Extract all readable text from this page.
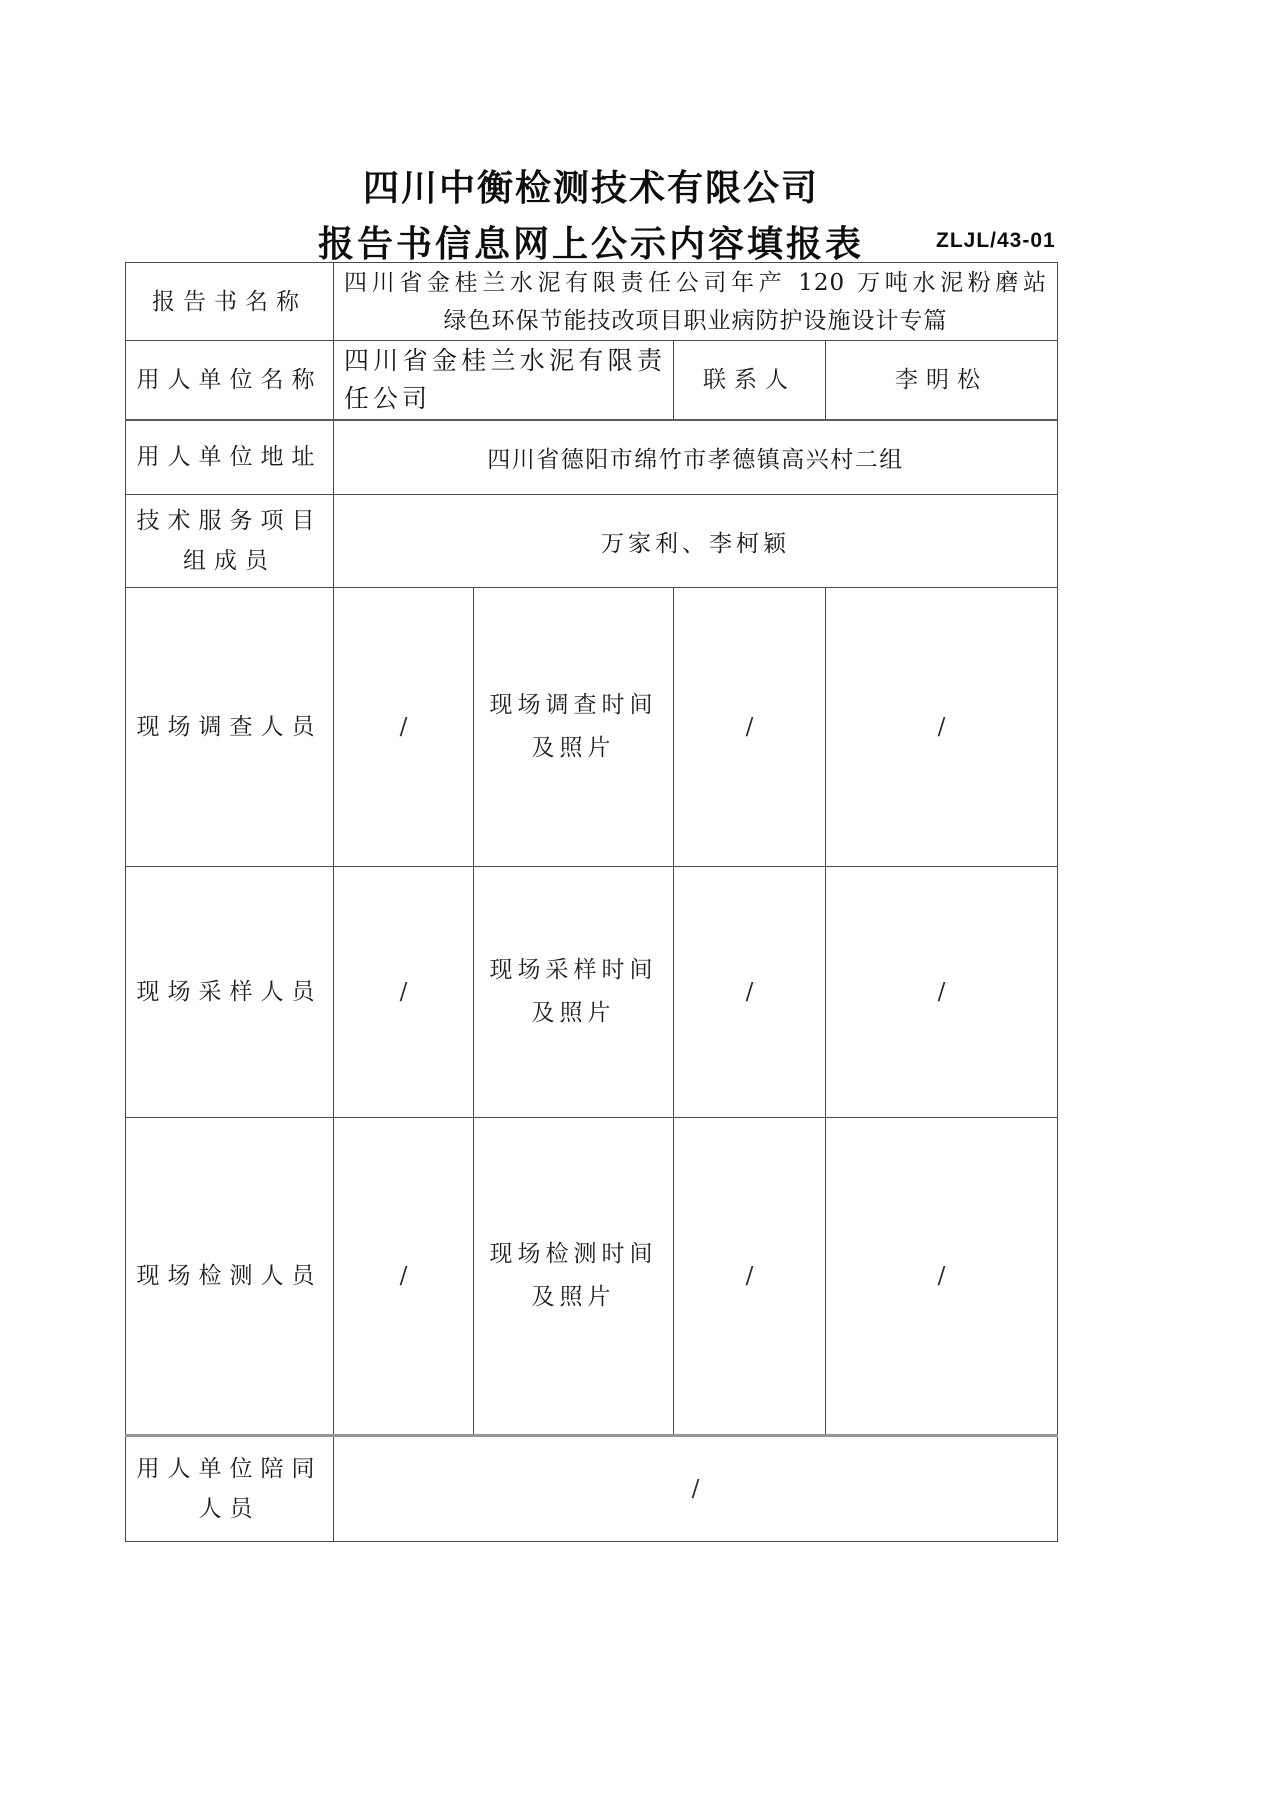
四川中衡检测技术有限公司
报告书信息网上公示内容填报表	ZLJL/43-01
报告书名称	四川省金桂兰水泥有限责任公司年产 120 万吨水泥粉磨站
绿色环保节能技改项目职业病防护设施设计专篇			

用人单位名称	四川省金桂兰水泥有限责任公司		联系人	李明松
用人单位地址	四川省德阳市绵竹市孝德镇高兴村二组			
技术服务项目组成员	万家利、李柯颖			
现场调查人员	/	现场调查时间及照片	/	/
现场采样人员	/	现场采样时间及照片	/	/
现场检测人员	/	现场检测时间及照片	/	/
用人单位陪同人员	/			
